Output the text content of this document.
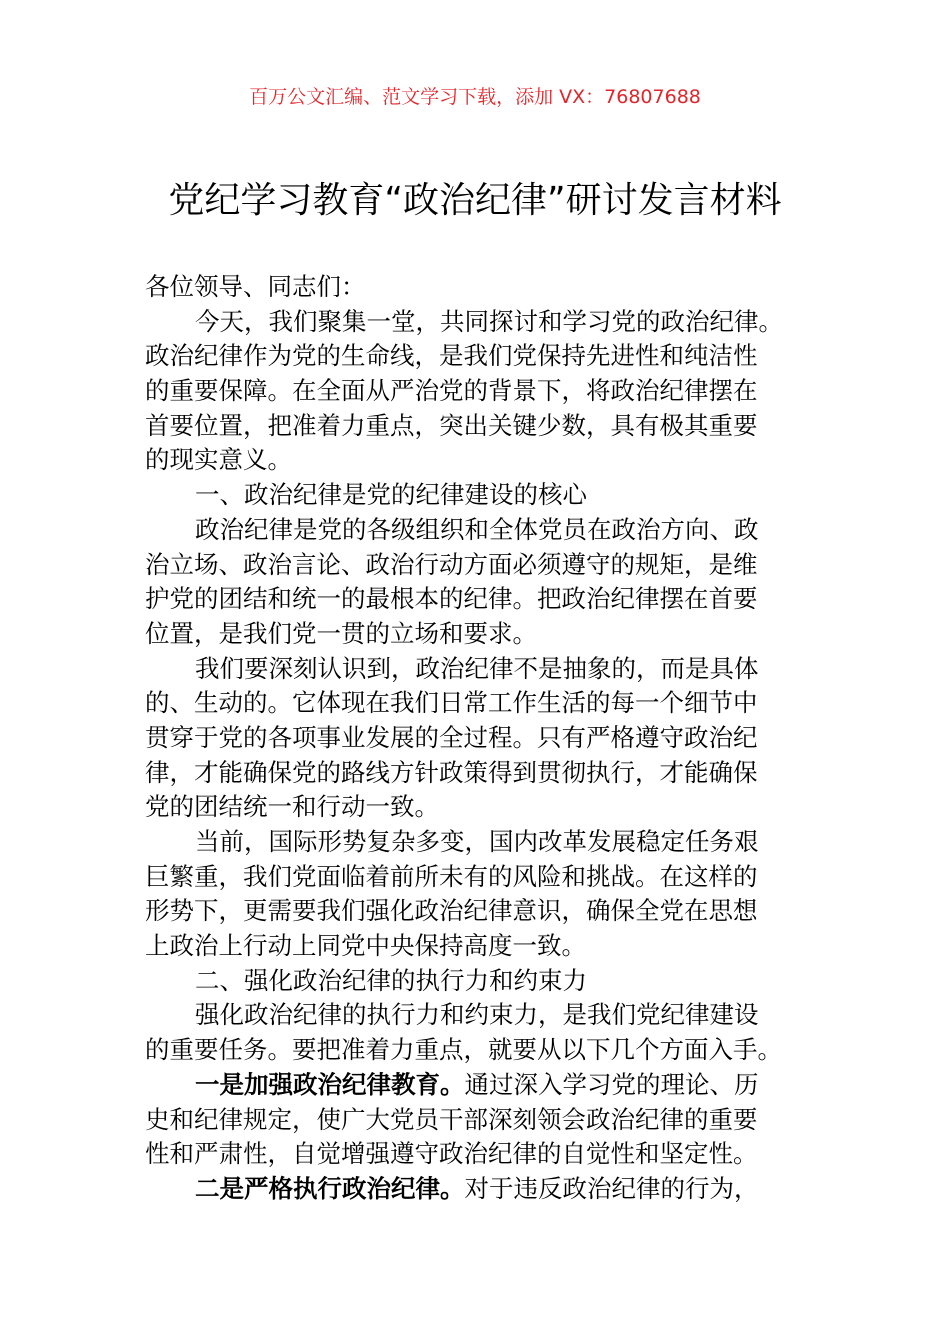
百万公文汇编、范文学习下载，添加 VX：76807688
党纪学习教育“政治纪律”研讨发言材料
各位领导、同志们：
今天，我们聚集一堂，共同探讨和学习党的政治纪律。
政治纪律作为党的生命线，是我们党保持先进性和纯洁性
的重要保障。在全面从严治党的背景下，将政治纪律摆在
首要位置，把准着力重点，突出关键少数，具有极其重要
的现实意义。
一、政治纪律是党的纪律建设的核心
政治纪律是党的各级组织和全体党员在政治方向、政
治立场、政治言论、政治行动方面必须遵守的规矩，是维
护党的团结和统一的最根本的纪律。把政治纪律摆在首要
位置，是我们党一贯的立场和要求。
我们要深刻认识到，政治纪律不是抽象的，而是具体
的、生动的。它体现在我们日常工作生活的每一个细节中
贯穿于党的各项事业发展的全过程。只有严格遵守政治纪
律，才能确保党的路线方针政策得到贯彻执行，才能确保
党的团结统一和行动一致。
当前，国际形势复杂多变，国内改革发展稳定任务艰
巨繁重，我们党面临着前所未有的风险和挑战。在这样的
形势下，更需要我们强化政治纪律意识，确保全党在思想
上政治上行动上同党中央保持高度一致。
二、强化政治纪律的执行力和约束力
强化政治纪律的执行力和约束力，是我们党纪律建设
的重要任务。要把准着力重点，就要从以下几个方面入手。
一是加强政治纪律教育。通过深入学习党的理论、历
史和纪律规定，使广大党员干部深刻领会政治纪律的重要
性和严肃性，自觉增强遵守政治纪律的自觉性和坚定性。
二是严格执行政治纪律。对于违反政治纪律的行为，
